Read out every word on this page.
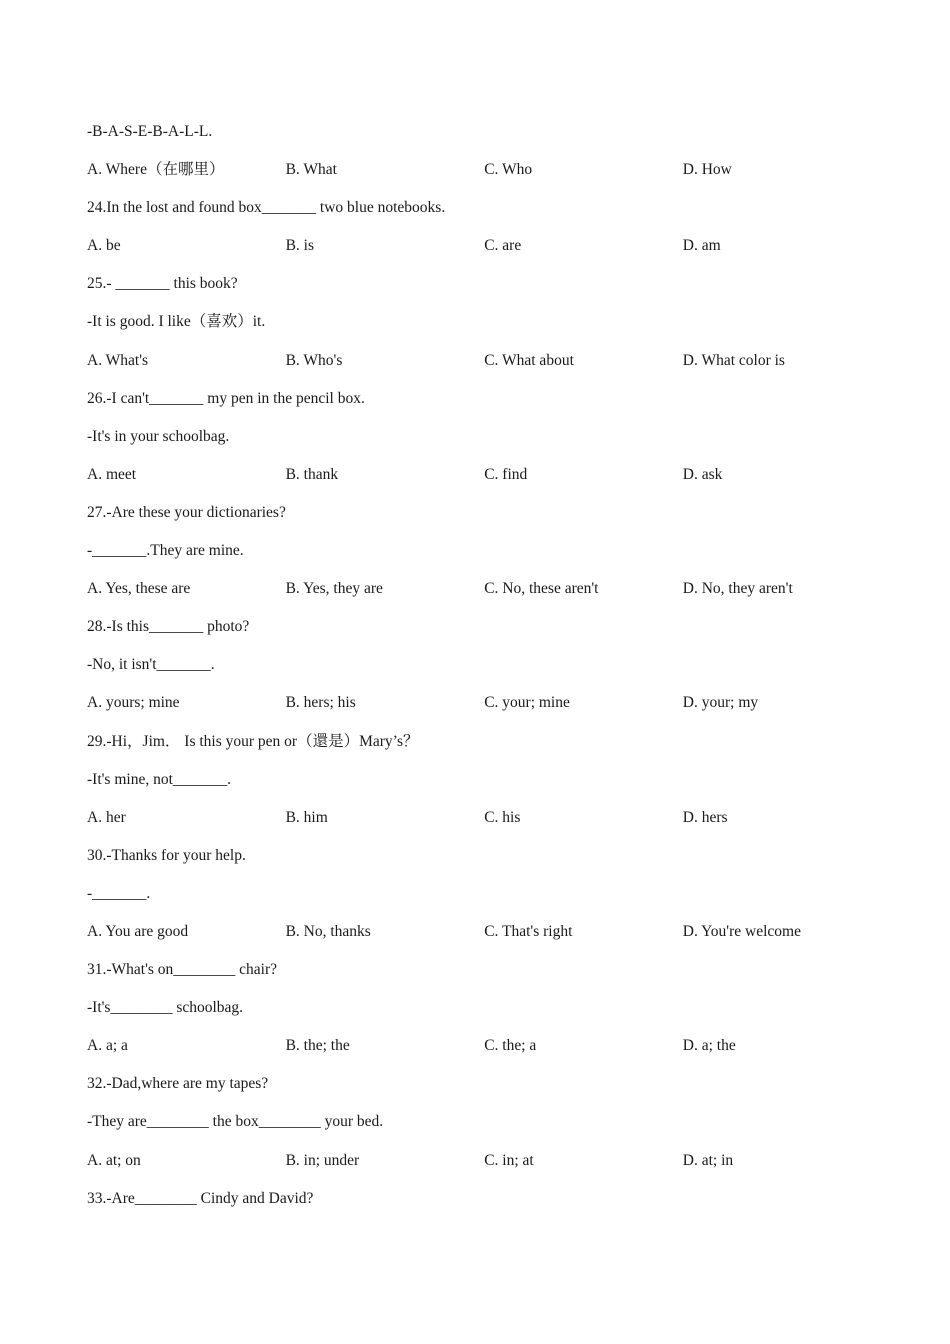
-B-A-S-E-B-A-L-L.
A. Where（在哪里）	B. What	C. Who	D. How
24.In the lost and found box_______ two blue notebooks.
A. be	B. is	C. are	D. am
25.- _______ this book?
-It is good. I like（喜欢）it.
A. What's	B. Who's	C. What about	D. What color is
26.-I can't_______ my pen in the pencil box.
-It's in your schoolbag.
A. meet	B. thank	C. find	D. ask
27.-Are these your dictionaries?
-_______.They are mine.
A. Yes, these are	B. Yes, they are	C. No, these aren't	D. No, they aren't
28.-Is this_______ photo?
-No, it isn't_______.
A. yours; mine	B. hers; his	C. your; mine	D. your; my
29.-Hi，Jim． Is this your pen or（還是）Mary’s？
-It's mine, not_______.
A. her	B. him	C. his	D. hers
30.-Thanks for your help.
-_______.
A. You are good	B. No, thanks	C. That's right	D. You're welcome
31.-What's on________ chair?
-It's________ schoolbag.
A. a; a	B. the; the	C. the; a	D. a; the
32.-Dad,where are my tapes?
-They are________ the box________ your bed.
A. at; on	B. in; under	C. in; at	D. at; in
33.-Are________ Cindy and David?
